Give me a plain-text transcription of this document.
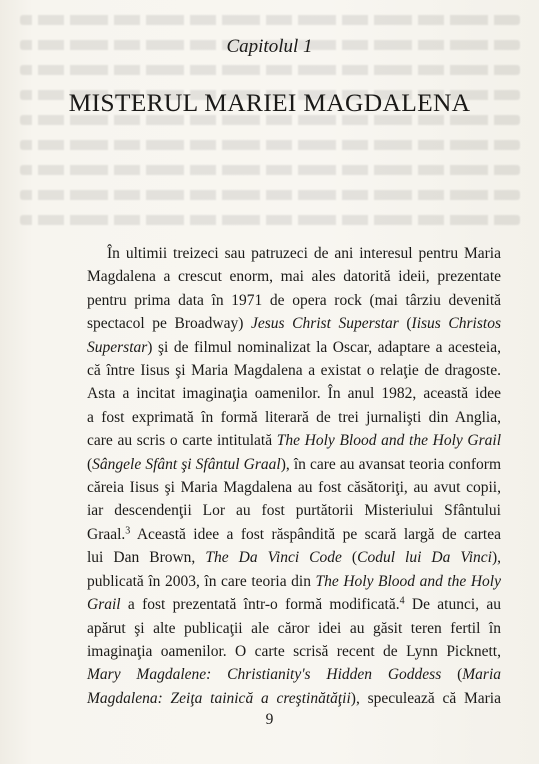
Capitolul 1
MISTERUL MARIEI MAGDALENA
În ultimii treizeci sau patruzeci de ani interesul pentru Maria
Magdalena a crescut enorm, mai ales datorită ideii, prezentate
pentru prima data în 1971 de opera rock (mai târziu devenită
spectacol pe Broadway) Jesus Christ Superstar (Iisus Christos
Superstar) şi de filmul nominalizat la Oscar, adaptare a acesteia,
că între Iisus şi Maria Magdalena a existat o relaţie de dragoste.
Asta a incitat imaginaţia oamenilor. În anul 1982, această idee
a fost exprimată în formă literară de trei jurnalişti din Anglia,
care au scris o carte intitulată The Holy Blood and the Holy Grail
(Sângele Sfânt şi Sfântul Graal), în care au avansat teoria conform
căreia Iisus şi Maria Magdalena au fost căsătoriţi, au avut copii,
iar descendenţii Lor au fost purtătorii Misteriului Sfântului
Graal.$^3$ Această idee a fost răspândită pe scară largă de cartea
lui Dan Brown, The Da Vinci Code (Codul lui Da Vinci),
publicată în 2003, în care teoria din The Holy Blood and the Holy
Grail a fost prezentată într-o formă modificată.$^4$ De atunci, au
apărut şi alte publicaţii ale căror idei au găsit teren fertil în
imaginaţia oamenilor. O carte scrisă recent de Lynn Picknett,
Mary Magdalene: Christianity's Hidden Goddess (Maria
Magdalena: Zeiţa tainică a creştinătăţii), speculează că Maria
9
